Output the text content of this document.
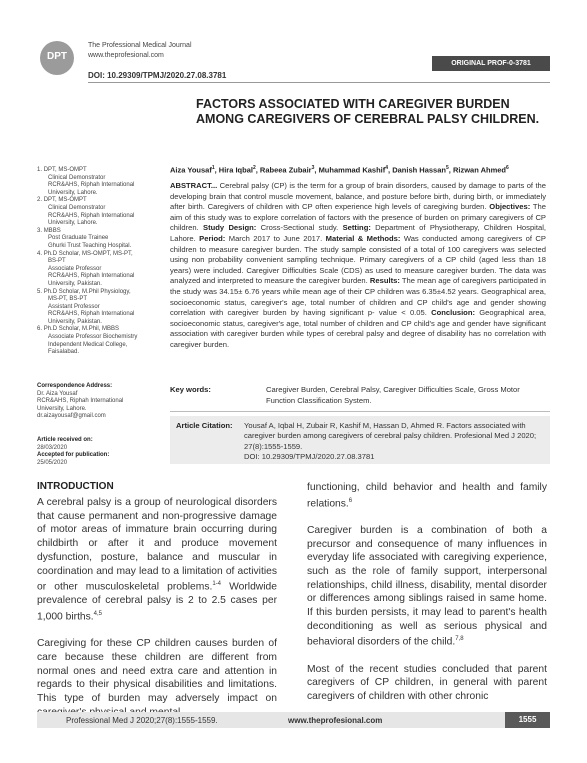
DPT
The Professional Medical Journal
www.theprofesional.com
DOI: 10.29309/TPMJ/2020.27.08.3781
ORIGINAL PROF-0-3781
FACTORS ASSOCIATED WITH CAREGIVER BURDEN
AMONG CAREGIVERS OF CEREBRAL PALSY CHILDREN.
Aiza Yousaf$^1$, Hira Iqbal$^2$, Rabeea Zubair$^3$, Muhammad Kashif$^4$, Danish Hassan$^5$, Rizwan Ahmed$^6$
ABSTRACT... Cerebral palsy (CP) is the term for a group of brain disorders, caused by damage to parts of the developing brain that control muscle movement, balance, and posture before birth, during birth, or immediately after birth. Caregivers of children with CP often experience high levels of caregiving burden. Objectives: The aim of this study was to explore correlation of factors with the presence of burden on primary caregivers of CP children. Study Design: Cross-Sectional study. Setting: Department of Physiotherapy, Children Hospital, Lahore. Period: March 2017 to June 2017. Material & Methods: Was conducted among caregivers of CP children to measure caregiver burden. The study sample consisted of a total of 100 caregivers was selected using non probability convenient sampling technique. Primary caregivers of a CP child (aged less than 18 years) were included. Caregiver Difficulties Scale (CDS) as used to measure caregiver burden. The data was analyzed and interpreted to measure the caregiver burden. Results: The mean age of caregivers participated in the study was 34.15± 6.76 years while mean age of their CP children was 6.35±4.52 years. Geographical area, socioeconomic status, caregiver's age, total number of children and CP child's age and gender showing correlation with caregiver burden by having significant p- value < 0.05. Conclusion: Geographical area, socioeconomic status, caregiver's age, total number of children and CP child's age and gender have significant association with caregiver burden while types of cerebral palsy and degree of disability has no correlation with caregiver burden.
1. DPT, MS-OMPT
Clinical Demonstrator
RCR&AHS, Riphah International
University, Lahore.
2. DPT, MS-OMPT
Clinical Demonstrator
RCR&AHS, Riphah International
University, Lahore.
3. MBBS
Post Graduate Trainee
Ghurki Trust Teaching Hospital.
4. Ph.D Scholar, MS-OMPT, MS-PT,
BS-PT
Associate Professor
RCR&AHS, Riphah International
University, Pakistan.
5. Ph.D Scholar, M.Phil Physiology,
MS-PT, BS-PT
Assistant Professor
RCR&AHS, Riphah International
University, Pakistan.
6. Ph.D Scholar, M.Phil, MBBS
Associate Professor Biochemistry
Independent Medical College,
Faisalabad.
Correspondence Address:
Dr. Aiza Yousaf
RCR&AHS, Riphah International
University, Lahore.
dr.aizayousaf@gmail.com
Article received on:
28/03/2020
Accepted for publication:
25/05/2020
Key words:	Caregiver Burden, Cerebral Palsy, Caregiver Difficulties Scale, Gross Motor Function Classification System.
Article Citation: Yousaf A, Iqbal H, Zubair R, Kashif M, Hassan D, Ahmed R. Factors associated with caregiver burden among caregivers of cerebral palsy children. Profesional Med J 2020; 27(8):1555-1559.
DOI: 10.29309/TPMJ/2020.27.08.3781
INTRODUCTION
A cerebral palsy is a group of neurological disorders that cause permanent and non-progressive damage of motor areas of immature brain occurring during childbirth or after it and produce movement dysfunction, posture, balance and muscular in coordination and may lead to a limitation of activities or other musculoskeletal problems.$^{1-4}$ Worldwide prevalence of cerebral palsy is 2 to 2.5 cases per 1,000 births.$^{4,5}$
Caregiving for these CP children causes burden of care because these children are different from normal ones and need extra care and attention in regards to their physical disabilities and limitations. This type of burden may adversely impact on
functioning, child behavior and health and family relations.$^6$
Caregiver burden is a combination of both a precursor and consequence of many influences in everyday life associated with caregiving experience, such as the role of family support, interpersonal relationships, child illness, disability, mental disorder or differences among siblings raised in same home. If this burden persists, it may lead to parent's health deconditioning as well as serious physical and behavioral disorders of the child.$^{7,8}$
Most of the recent studies concluded that parent caregivers of CP children, in general with parent caregivers of children with other chronic
Professional Med J 2020;27(8):1555-1559.	www.theprofesional.com	1555
